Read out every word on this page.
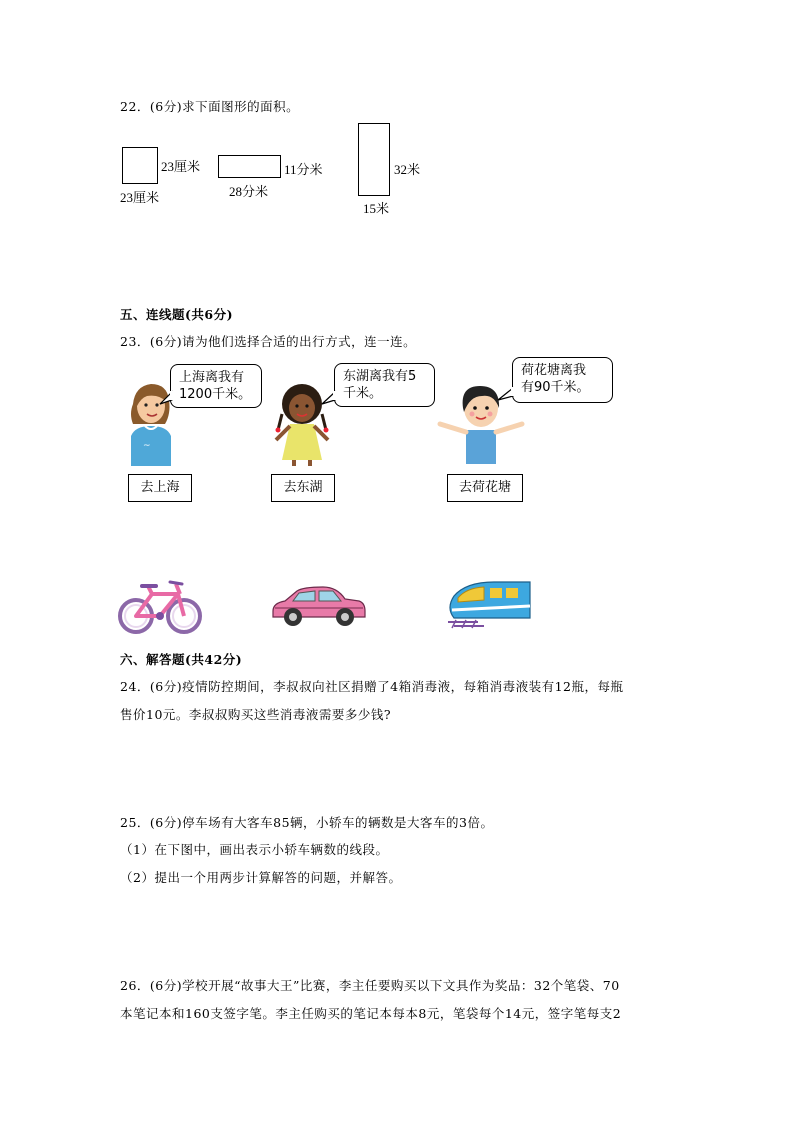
22．(6分)求下面图形的面积。
23厘米
23厘米
11分米
28分米
32米
15米
五、连线题(共6分)
23．(6分)请为他们选择合适的出行方式，连一连。
~
上海离我有
1200千米。
东湖离我有5
千米。
荷花塘离我
有90千米。
去上海	去东湖	去荷花塘
六、解答题(共42分)
24．(6分)疫情防控期间，李叔叔向社区捐赠了4箱消毒液，每箱消毒液装有12瓶，每瓶
售价10元。李叔叔购买这些消毒液需要多少钱?
25．(6分)停车场有大客车85辆，小轿车的辆数是大客车的3倍。
（1）在下图中，画出表示小轿车辆数的线段。
（2）提出一个用两步计算解答的问题，并解答。
26．(6分)学校开展“故事大王”比赛，李主任要购买以下文具作为奖品：32个笔袋、70
本笔记本和160支签字笔。李主任购买的笔记本每本8元，笔袋每个14元，签字笔每支2
